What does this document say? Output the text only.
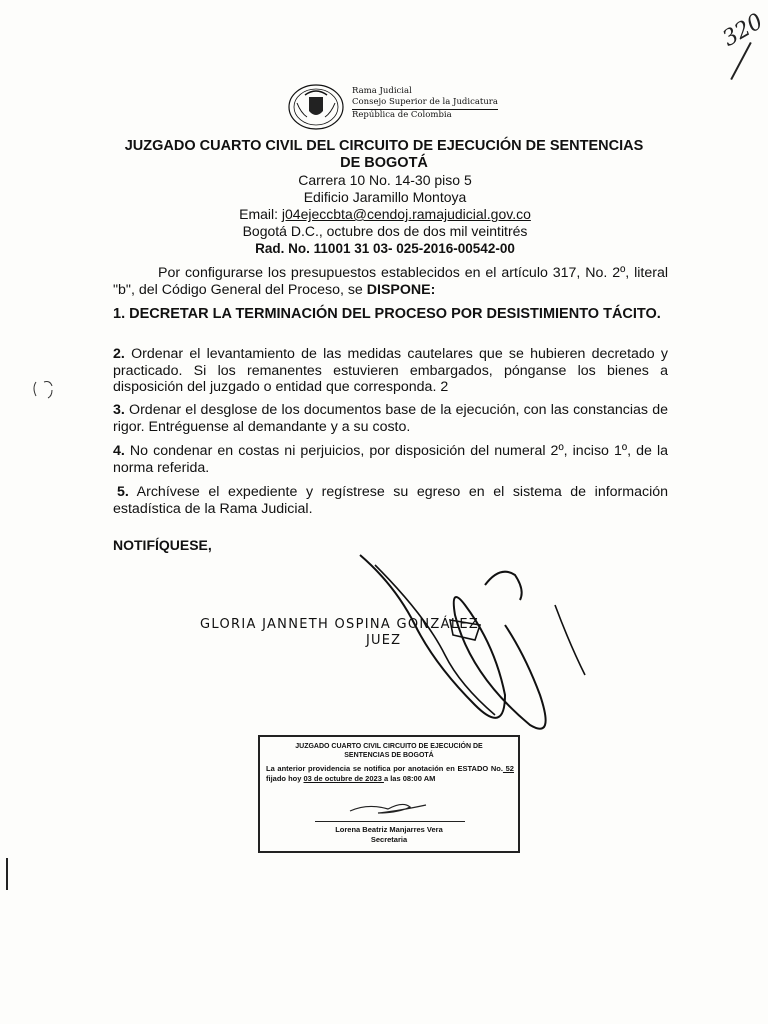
320
Rama Judicial
Consejo Superior de la Judicatura
República de Colombia
JUZGADO CUARTO CIVIL DEL CIRCUITO DE EJECUCIÓN DE SENTENCIAS
DE BOGOTÁ
Carrera 10 No. 14-30 piso 5
Edificio Jaramillo Montoya
Email: j04ejeccbta@cendoj.ramajudicial.gov.co
Bogotá D.C., octubre dos de dos mil veintitrés
Rad. No. 11001 31 03- 025-2016-00542-00
Por configurarse los presupuestos establecidos en el artículo 317, No. 2º, literal "b", del Código General del Proceso, se DISPONE:
1. DECRETAR LA TERMINACIÓN DEL PROCESO POR DESISTIMIENTO TÁCITO.
2. Ordenar el levantamiento de las medidas cautelares que se hubieren decretado y practicado. Si los remanentes estuvieren embargados, pónganse los bienes a disposición del juzgado o entidad que corresponda. 2
3. Ordenar el desglose de los documentos base de la ejecución, con las constancias de rigor. Entréguense al demandante y a su costo.
4. No condenar en costas ni perjuicios, por disposición del numeral 2º, inciso 1º, de la norma referida.
5. Archívese el expediente y regístrese su egreso en el sistema de información estadística de la Rama Judicial.
NOTIFÍQUESE,
GLORIA JANNETH OSPINA GONZÁLEZ
JUEZ
JUZGADO CUARTO CIVIL CIRCUITO DE EJECUCIÓN DE
SENTENCIAS DE BOGOTÁ
La anterior providencia se notifica por anotación en ESTADO No. 52 fijado hoy 03 de octubre de 2023 a las 08:00 AM
Lorena Beatriz Manjarres Vera
Secretaria
